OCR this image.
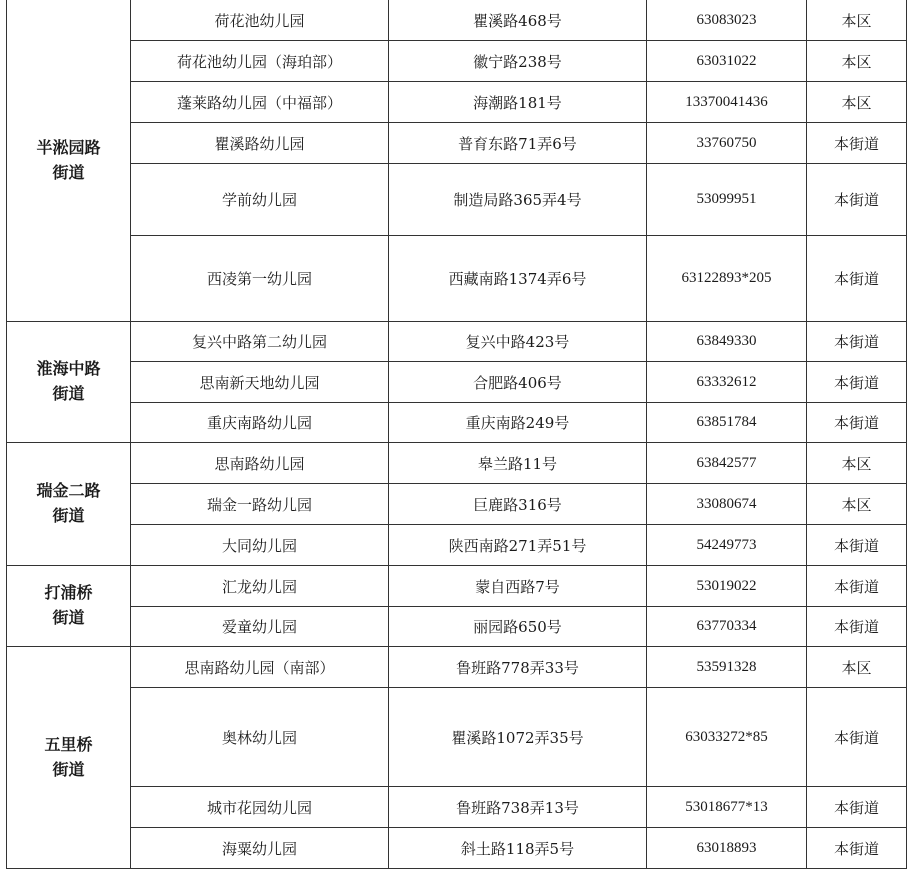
半淞园路
街道	荷花池幼儿园	瞿溪路468号	63083023	本区
	荷花池幼儿园（海珀部）	徽宁路238号	63031022	本区
	蓬莱路幼儿园（中福部）	海潮路181号	13370041436	本区
	瞿溪路幼儿园	普育东路71弄6号	33760750	本街道
	学前幼儿园	制造局路365弄4号	53099951	本街道
	西凌第一幼儿园	西藏南路1374弄6号	63122893*205	本街道

淮海中路
街道	复兴中路第二幼儿园	复兴中路423号	63849330	本街道
	思南新天地幼儿园	合肥路406号	63332612	本街道
	重庆南路幼儿园	重庆南路249号	63851784	本街道

瑞金二路
街道	思南路幼儿园	皋兰路11号	63842577	本区
	瑞金一路幼儿园	巨鹿路316号	33080674	本区
	大同幼儿园	陕西南路271弄51号	54249773	本街道

打浦桥
街道	汇龙幼儿园	蒙自西路7号	53019022	本街道
	爱童幼儿园	丽园路650号	63770334	本街道

五里桥
街道	思南路幼儿园（南部）	鲁班路778弄33号	53591328	本区
	奥林幼儿园	瞿溪路1072弄35号	63033272*85	本街道
	城市花园幼儿园	鲁班路738弄13号	53018677*13	本街道
	海粟幼儿园	斜土路118弄5号	63018893	本街道
